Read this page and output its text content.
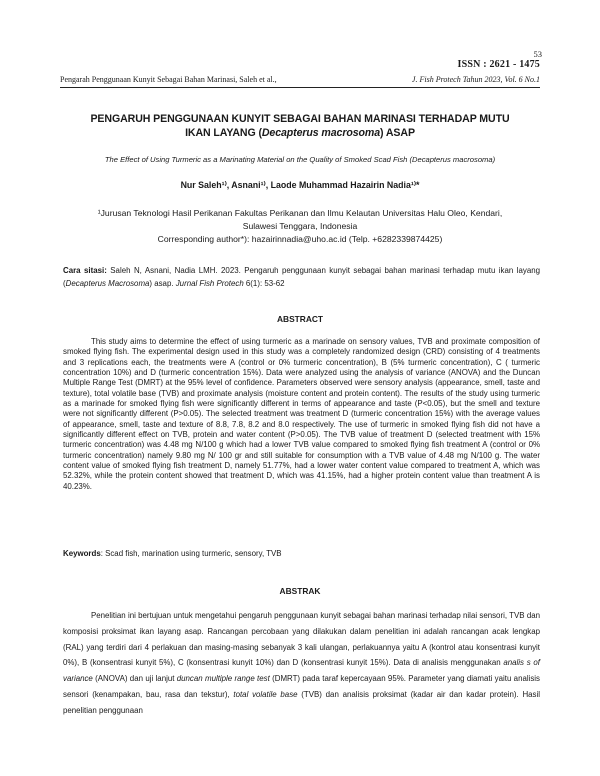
53
ISSN : 2621 - 1475
Pengarah Penggunaan Kunyit Sebagai Bahan Marinasi, Saleh et al.,	J. Fish Protech Tahun 2023, Vol. 6 No.1
PENGARUH PENGGUNAAN KUNYIT SEBAGAI BAHAN MARINASI TERHADAP MUTU
IKAN LAYANG (Decapterus macrosoma) ASAP
The Effect of Using Turmeric as a Marinating Material on the Quality of Smoked Scad Fish (Decapterus macrosoma)
Nur Saleh¹⁾, Asnani¹⁾, Laode Muhammad Hazairin Nadia¹⁾*
¹Jurusan Teknologi Hasil Perikanan Fakultas Perikanan dan Ilmu Kelautan Universitas Halu Oleo, Kendari,
Sulawesi Tenggara, Indonesia
Corresponding author*): hazairinnadia@uho.ac.id (Telp. +6282339874425)
Cara sitasi: Saleh N, Asnani, Nadia LMH. 2023. Pengaruh penggunaan kunyit sebagai bahan marinasi terhadap mutu ikan layang (Decapterus Macrosoma) asap. Jurnal Fish Protech 6(1): 53-62
ABSTRACT

This study aims to determine the effect of using turmeric as a marinade on sensory values, TVB and proximate composition of smoked flying fish. The experimental design used in this study was a completely randomized design (CRD) consisting of 4 treatments and 3 replications each, the treatments were A (control or 0% turmeric concentration), B (5% turmeric concentration), C ( turmeric concentration 10%) and D (turmeric concentration 15%). Data were analyzed using the analysis of variance (ANOVA) and the Duncan Multiple Range Test (DMRT) at the 95% level of confidence. Parameters observed were sensory analysis (appearance, smell, taste and texture), total volatile base (TVB) and proximate analysis (moisture content and protein content). The results of the study using turmeric as a marinade for smoked flying fish were significantly different in terms of appearance and taste (P<0.05), but the smell and texture were not significantly different (P>0.05). The selected treatment was treatment D (turmeric concentration 15%) with the average values of appearance, smell, taste and texture of 8.8, 7.8, 8.2 and 8.0 respectively. The use of turmeric in smoked flying fish did not have a significantly different effect on TVB, protein and water content (P>0.05). The TVB value of treatment D (selected treatment with 15% turmeric concentration) was 4.48 mg N/100 g which had a lower TVB value compared to smoked flying fish treatment A (control or 0% turmeric concentration) namely 9.80 mg N/ 100 gr and still suitable for consumption with a TVB value of 4.48 mg N/100 g. The water content value of smoked flying fish treatment D, namely 51.77%, had a lower water content value compared to treatment A, which was 52.32%, while the protein content showed that treatment D, which was 41.15%, had a higher protein content value than treatment A is 40.23%.

Keywords: Scad fish, marination using turmeric, sensory, TVB
ABSTRAK

Penelitian ini bertujuan untuk mengetahui pengaruh penggunaan kunyit sebagai bahan marinasi terhadap nilai sensori, TVB dan komposisi proksimat ikan layang asap. Rancangan percobaan yang dilakukan dalam penelitian ini adalah rancangan acak lengkap (RAL) yang terdiri dari 4 perlakuan dan masing-masing sebanyak 3 kali ulangan, perlakuannya yaitu A (kontrol atau konsentrasi kunyit 0%), B (konsentrasi kunyit 5%), C (konsentrasi kunyit 10%) dan D (konsentrasi kunyit 15%). Data di analisis menggunakan analis s of variance (ANOVA) dan uji lanjut duncan multiple range test (DMRT) pada taraf kepercayaan 95%. Parameter yang diamati yaitu analisis sensori (kenampakan, bau, rasa dan tekstur), total volatile base (TVB) dan analisis proksimat (kadar air dan kadar protein). Hasil penelitian penggunaan
